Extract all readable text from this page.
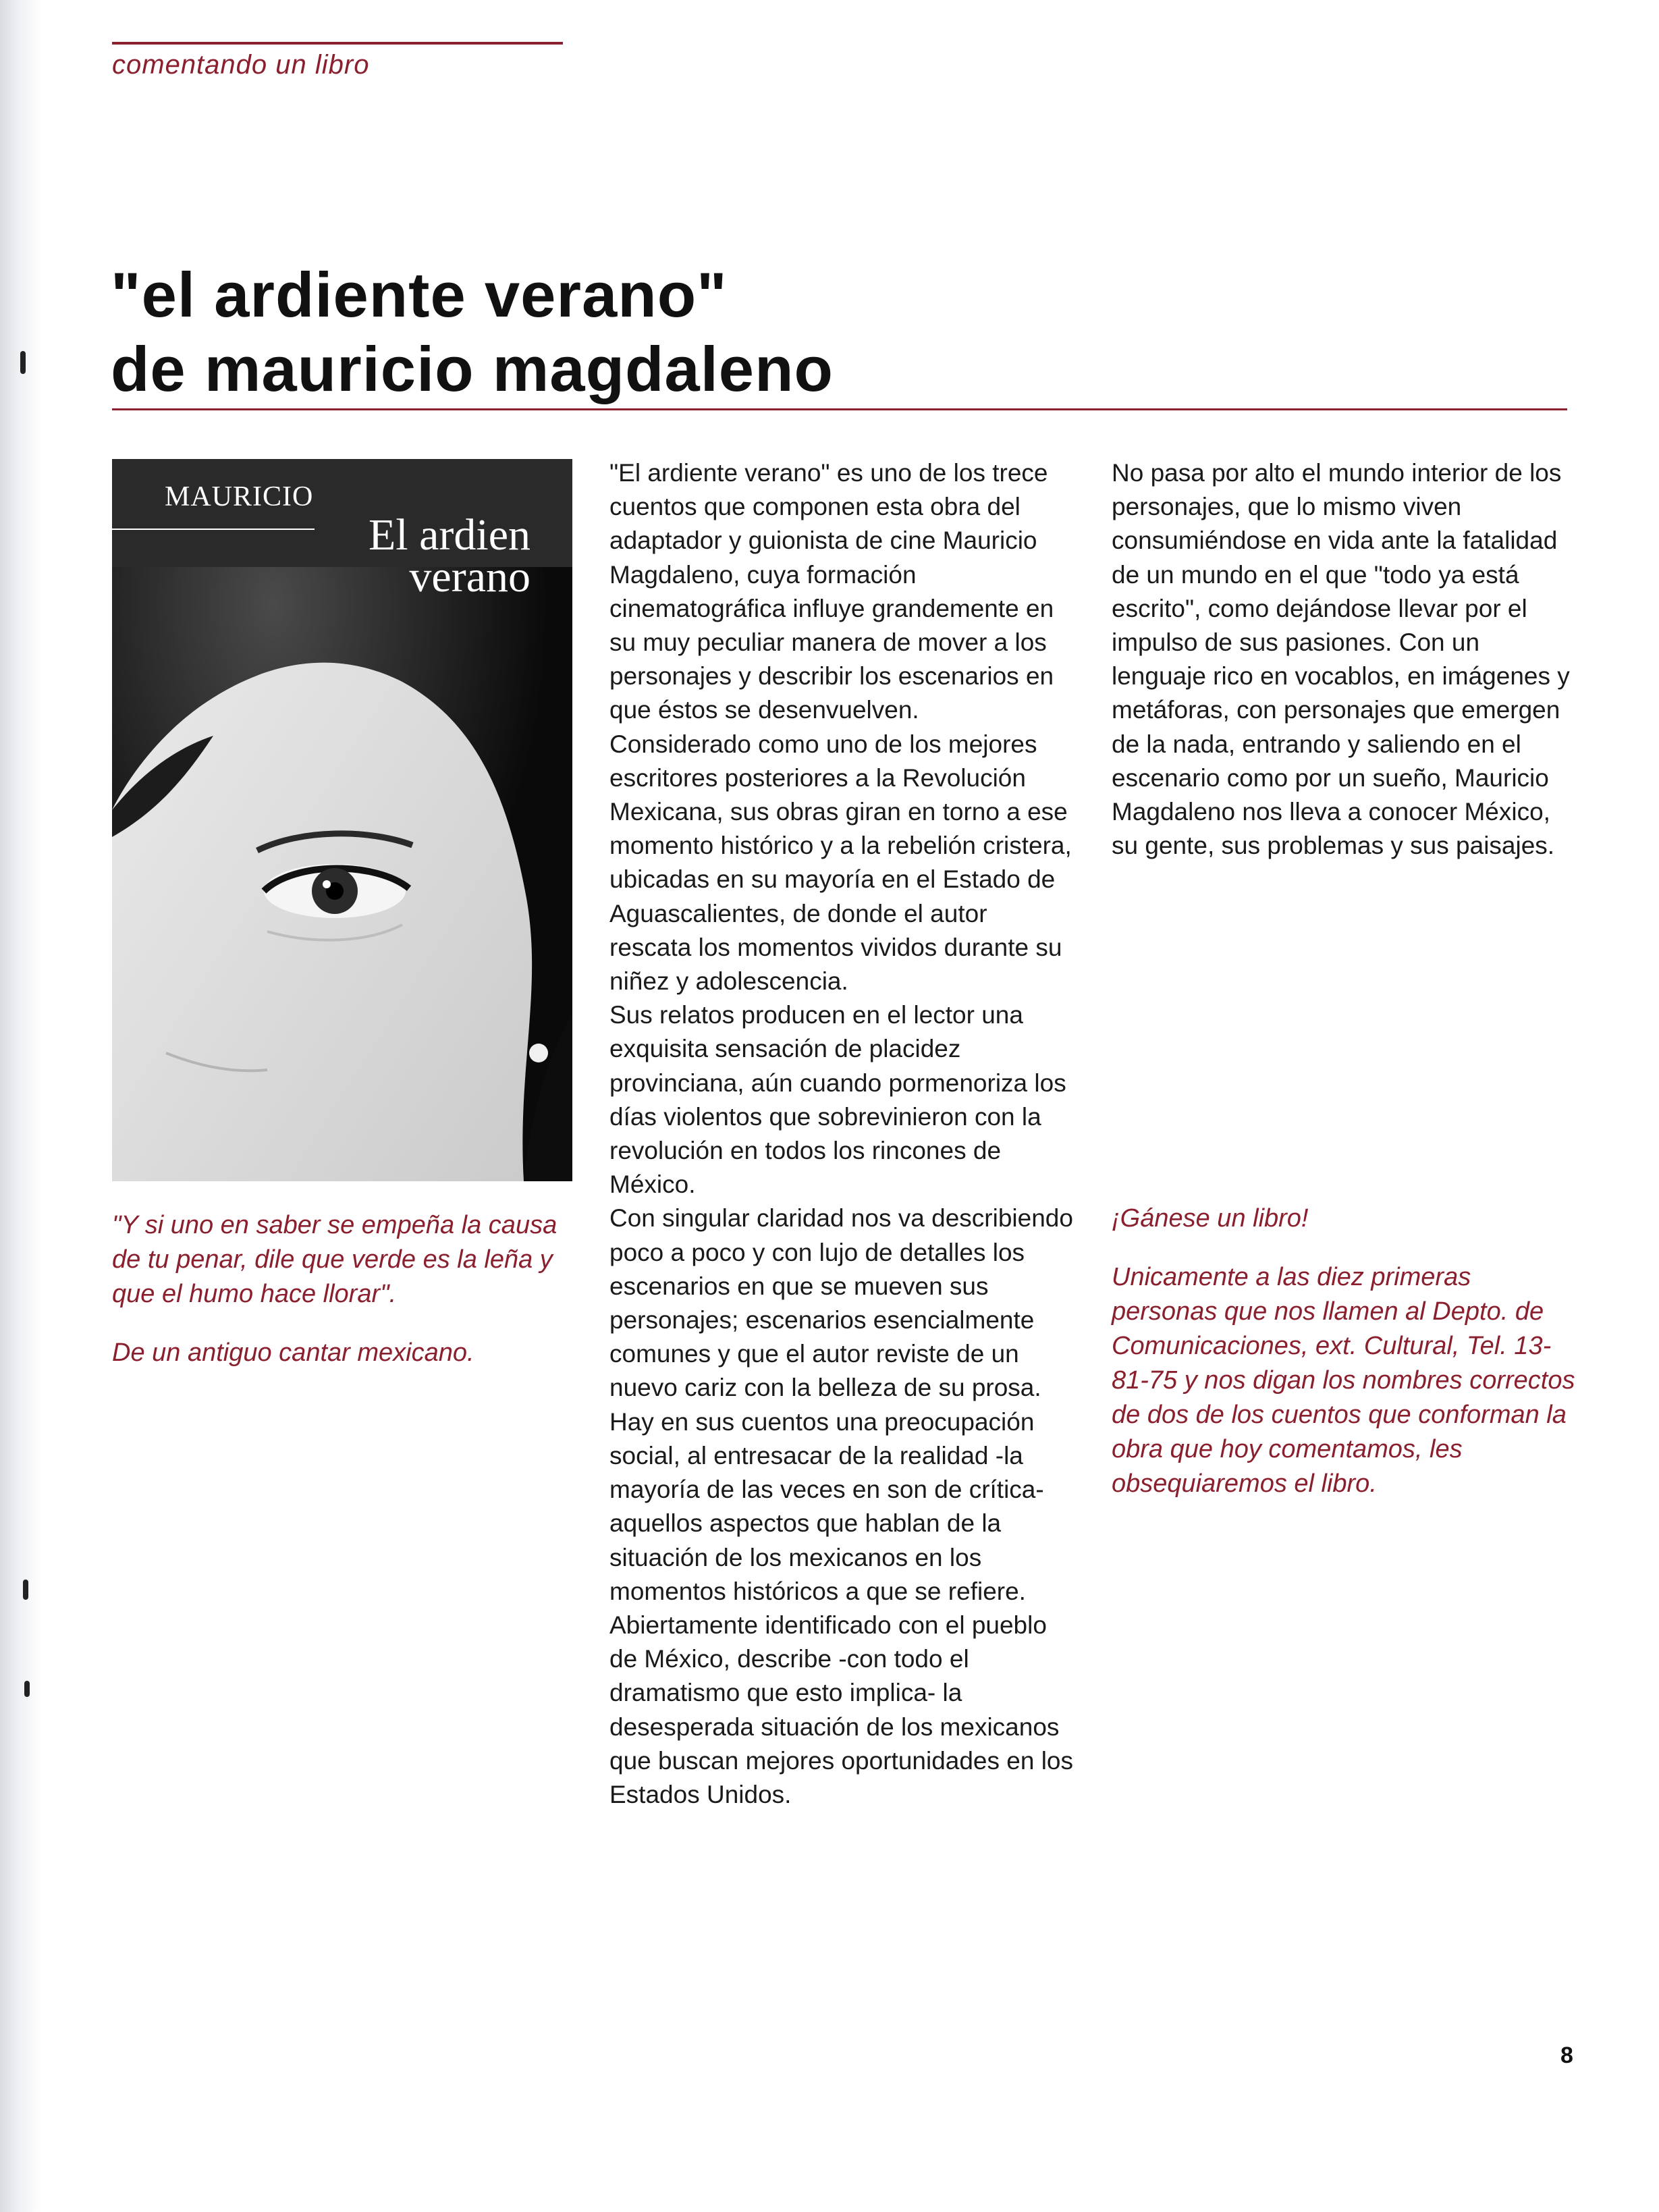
comentando un libro
"el ardiente verano"
de mauricio magdaleno
MAURICIO
El ardien
verano

"Y si uno en saber se empeña la causa de tu penar, dile que verde es la leña y que el humo hace llorar".

De un antiguo cantar mexicano.

"El ardiente verano" es uno de los trece cuentos que componen esta obra del adaptador y guionista de cine Mauricio Magdaleno, cuya formación cinematográfica influye grandemente en su muy peculiar manera de mover a los personajes y describir los escenarios en que éstos se desenvuelven.

Considerado como uno de los mejores escritores posteriores a la Revolución Mexicana, sus obras giran en torno a ese momento histórico y a la rebelión cristera, ubicadas en su mayoría en el Estado de Aguascalientes, de donde el autor rescata los momentos vividos durante su niñez y adolescencia.

Sus relatos producen en el lector una exquisita sensación de placidez provinciana, aún cuando pormenoriza los días violentos que sobrevinieron con la revolución en todos los rincones de México.

Con singular claridad nos va describiendo poco a poco y con lujo de detalles los escenarios en que se mueven sus personajes; escenarios esencialmente comunes y que el autor reviste de un nuevo cariz con la belleza de su prosa.

Hay en sus cuentos una preocupación social, al entresacar de la realidad -la mayoría de las veces en son de crítica- aquellos aspectos que hablan de la situación de los mexicanos en los momentos históricos a que se refiere.

Abiertamente identificado con el pueblo de México, describe -con todo el dramatismo que esto implica- la desesperada situación de los mexicanos que buscan mejores oportunidades en los Estados Unidos.

No pasa por alto el mundo interior de los personajes, que lo mismo viven consumiéndose en vida ante la fatalidad de un mundo en el que "todo ya está escrito", como dejándose llevar por el impulso de sus pasiones. Con un lenguaje rico en vocablos, en imágenes y metáforas, con personajes que emergen de la nada, entrando y saliendo en el escenario como por un sueño, Mauricio Magdaleno nos lleva a conocer México, su gente, sus problemas y sus paisajes.

¡Gánese un libro!

Unicamente a las diez primeras personas que nos llamen al Depto. de Comunicaciones, ext. Cultural, Tel. 13-81-75 y nos digan los nombres correctos de dos de los cuentos que conforman la obra que hoy comentamos, les obsequiaremos el libro.

8
